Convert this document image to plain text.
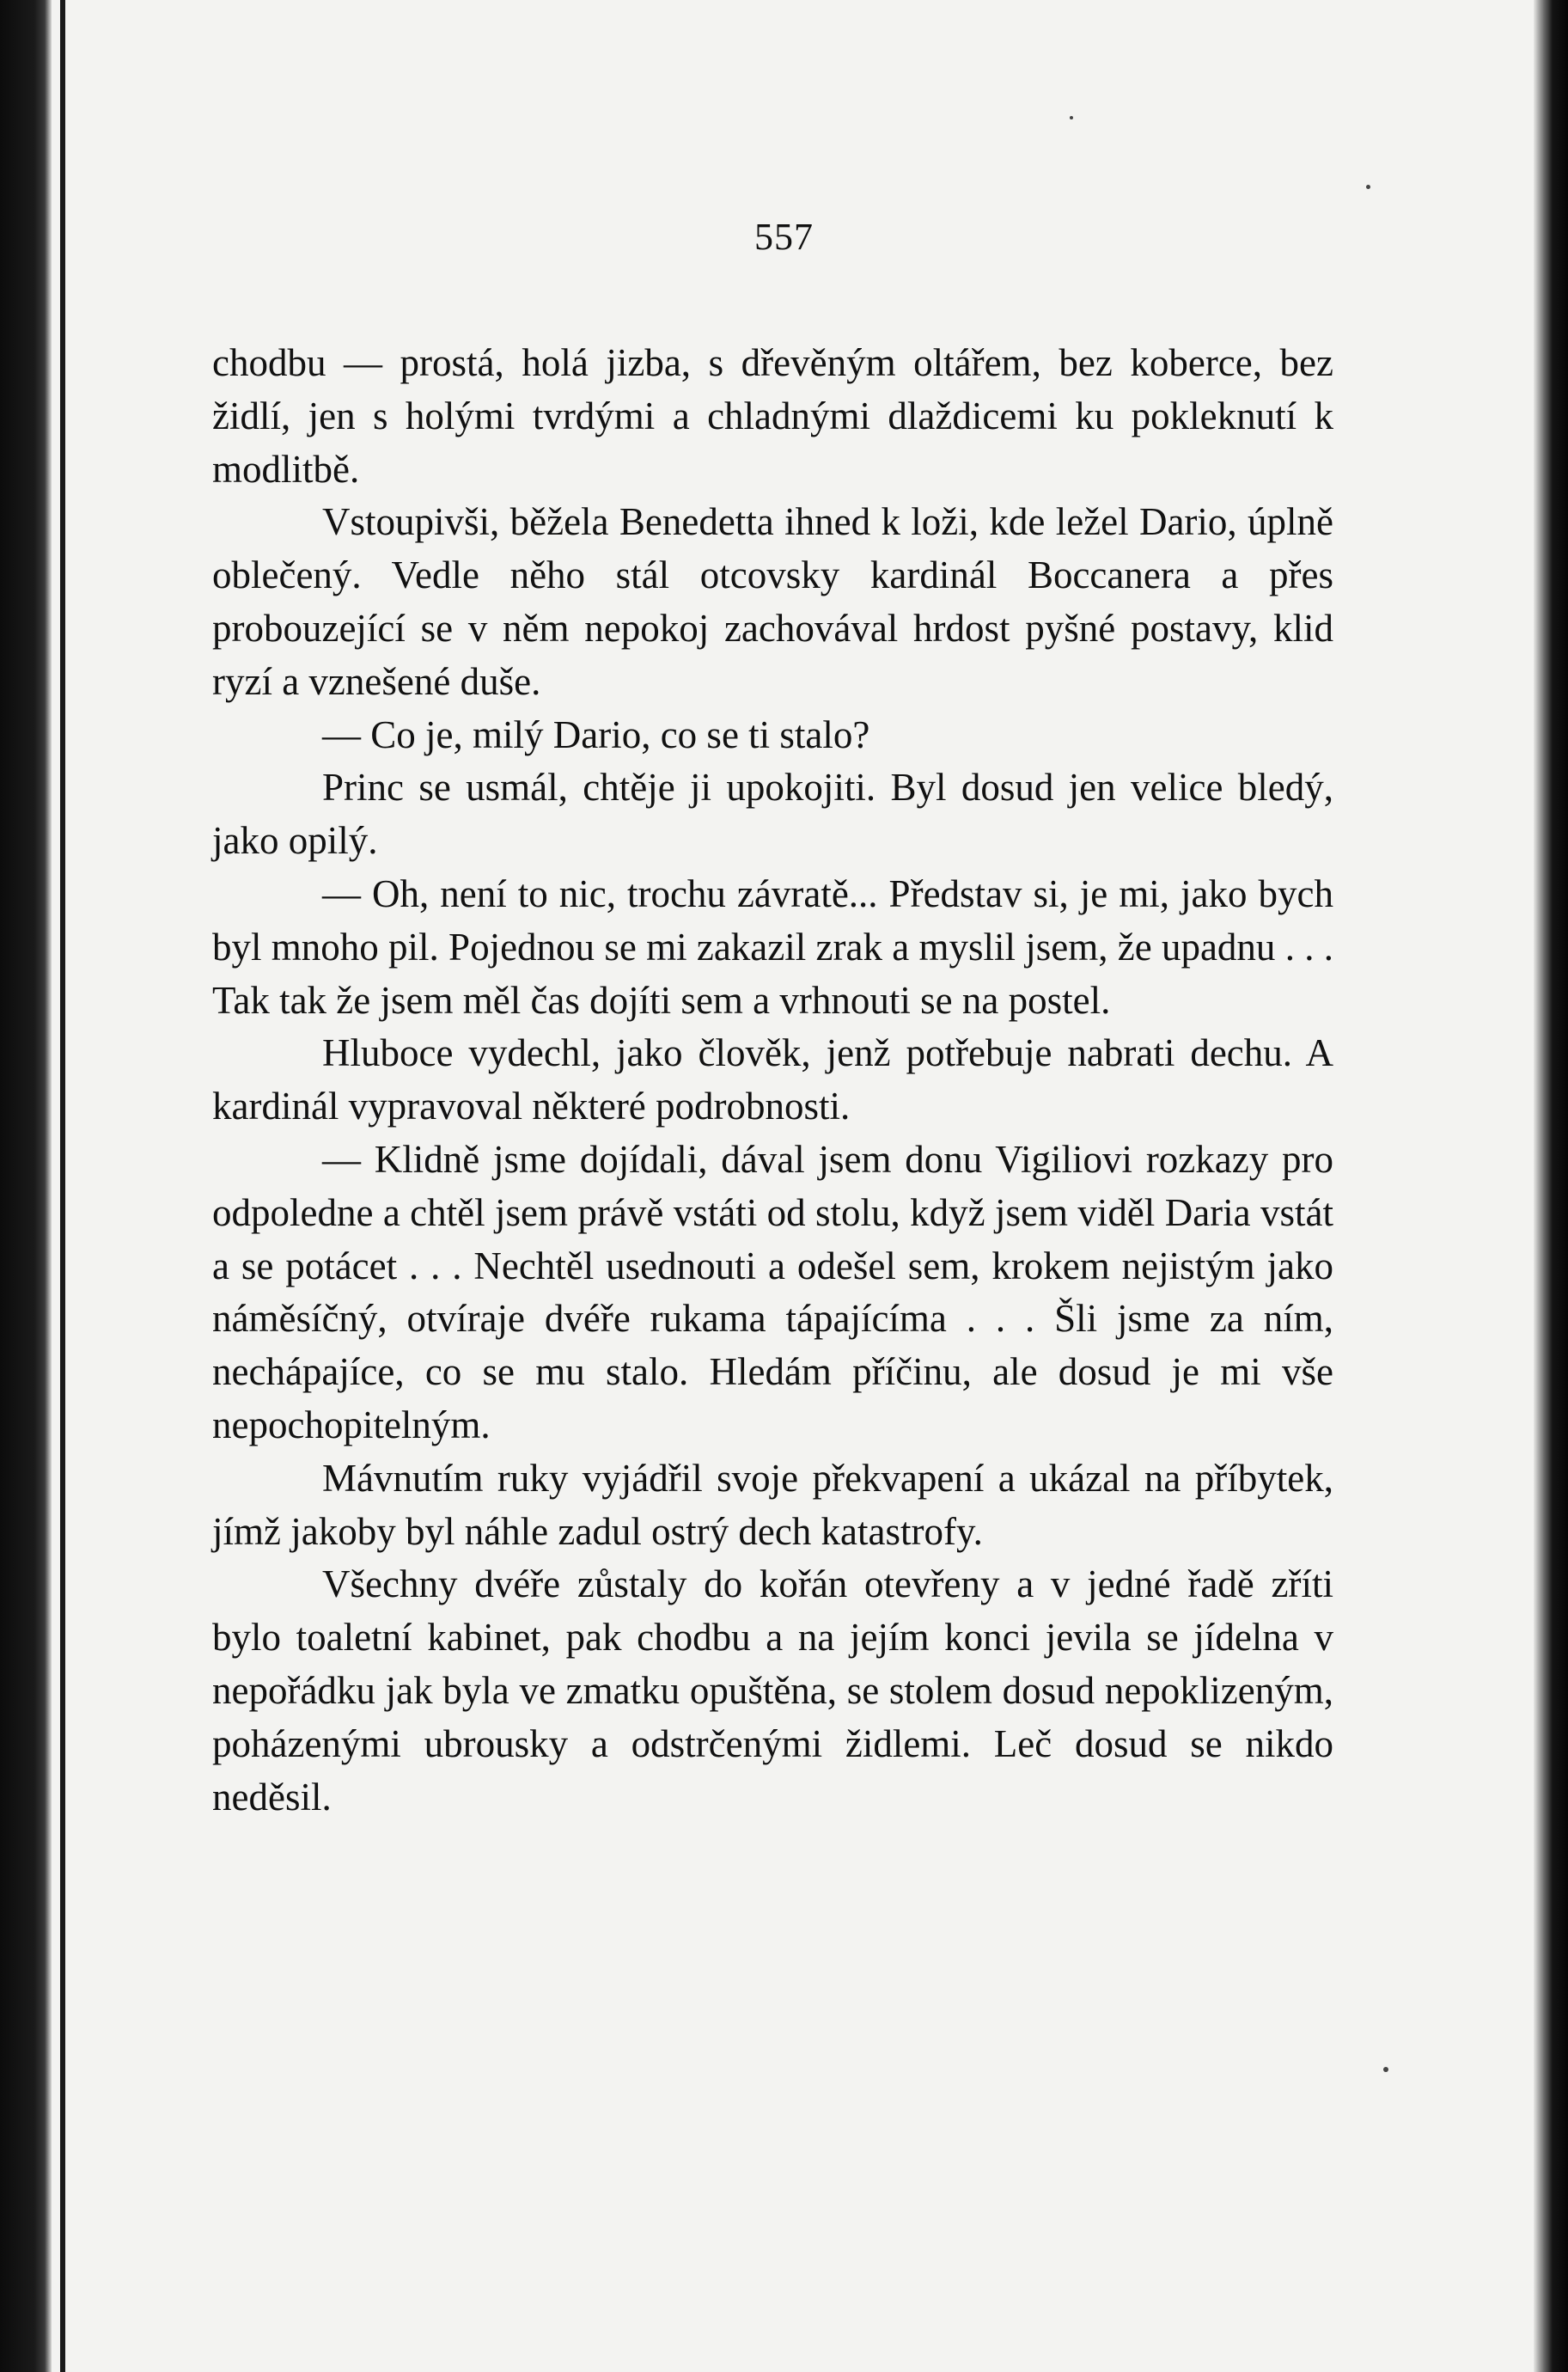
557

chodbu — prostá, holá jizba, s dřevěným oltářem, bez koberce, bez židlí, jen s holými tvrdými a chladnými dlaždicemi ku pokleknutí k modlitbě.

Vstoupivši, běžela Benedetta ihned k loži, kde ležel Dario, úplně oblečený. Vedle něho stál otcovsky kardinál Boccanera a přes probouzející se v něm nepokoj zachovával hrdost pyšné postavy, klid ryzí a vznešené duše.

— Co je, milý Dario, co se ti stalo?

Princ se usmál, chtěje ji upokojiti. Byl dosud jen velice bledý, jako opilý.

— Oh, není to nic, trochu závratě... Představ si, je mi, jako bych byl mnoho pil. Pojednou se mi zakazil zrak a myslil jsem, že upadnu . . . Tak tak že jsem měl čas dojíti sem a vrhnouti se na postel.

Hluboce vydechl, jako člověk, jenž potřebuje nabrati dechu. A kardinál vypravoval některé podrobnosti.

— Klidně jsme dojídali, dával jsem donu Vigiliovi rozkazy pro odpoledne a chtěl jsem právě vstáti od stolu, když jsem viděl Daria vstát a se potácet . . . Nechtěl usednouti a odešel sem, krokem nejistým jako náměsíčný, otvíraje dvéře rukama tápajícíma . . . Šli jsme za ním, nechápajíce, co se mu stalo. Hledám příčinu, ale dosud je mi vše nepochopitelným.

Mávnutím ruky vyjádřil svoje překvapení a ukázal na příbytek, jímž jakoby byl náhle zadul ostrý dech katastrofy.

Všechny dvéře zůstaly do kořán otevřeny a v jedné řadě zříti bylo toaletní kabinet, pak chodbu a na jejím konci jevila se jídelna v nepořádku jak byla ve zmatku opuštěna, se stolem dosud nepoklizeným, poházenými ubrousky a odstrčenými židlemi. Leč dosud se nikdo neděsil.
